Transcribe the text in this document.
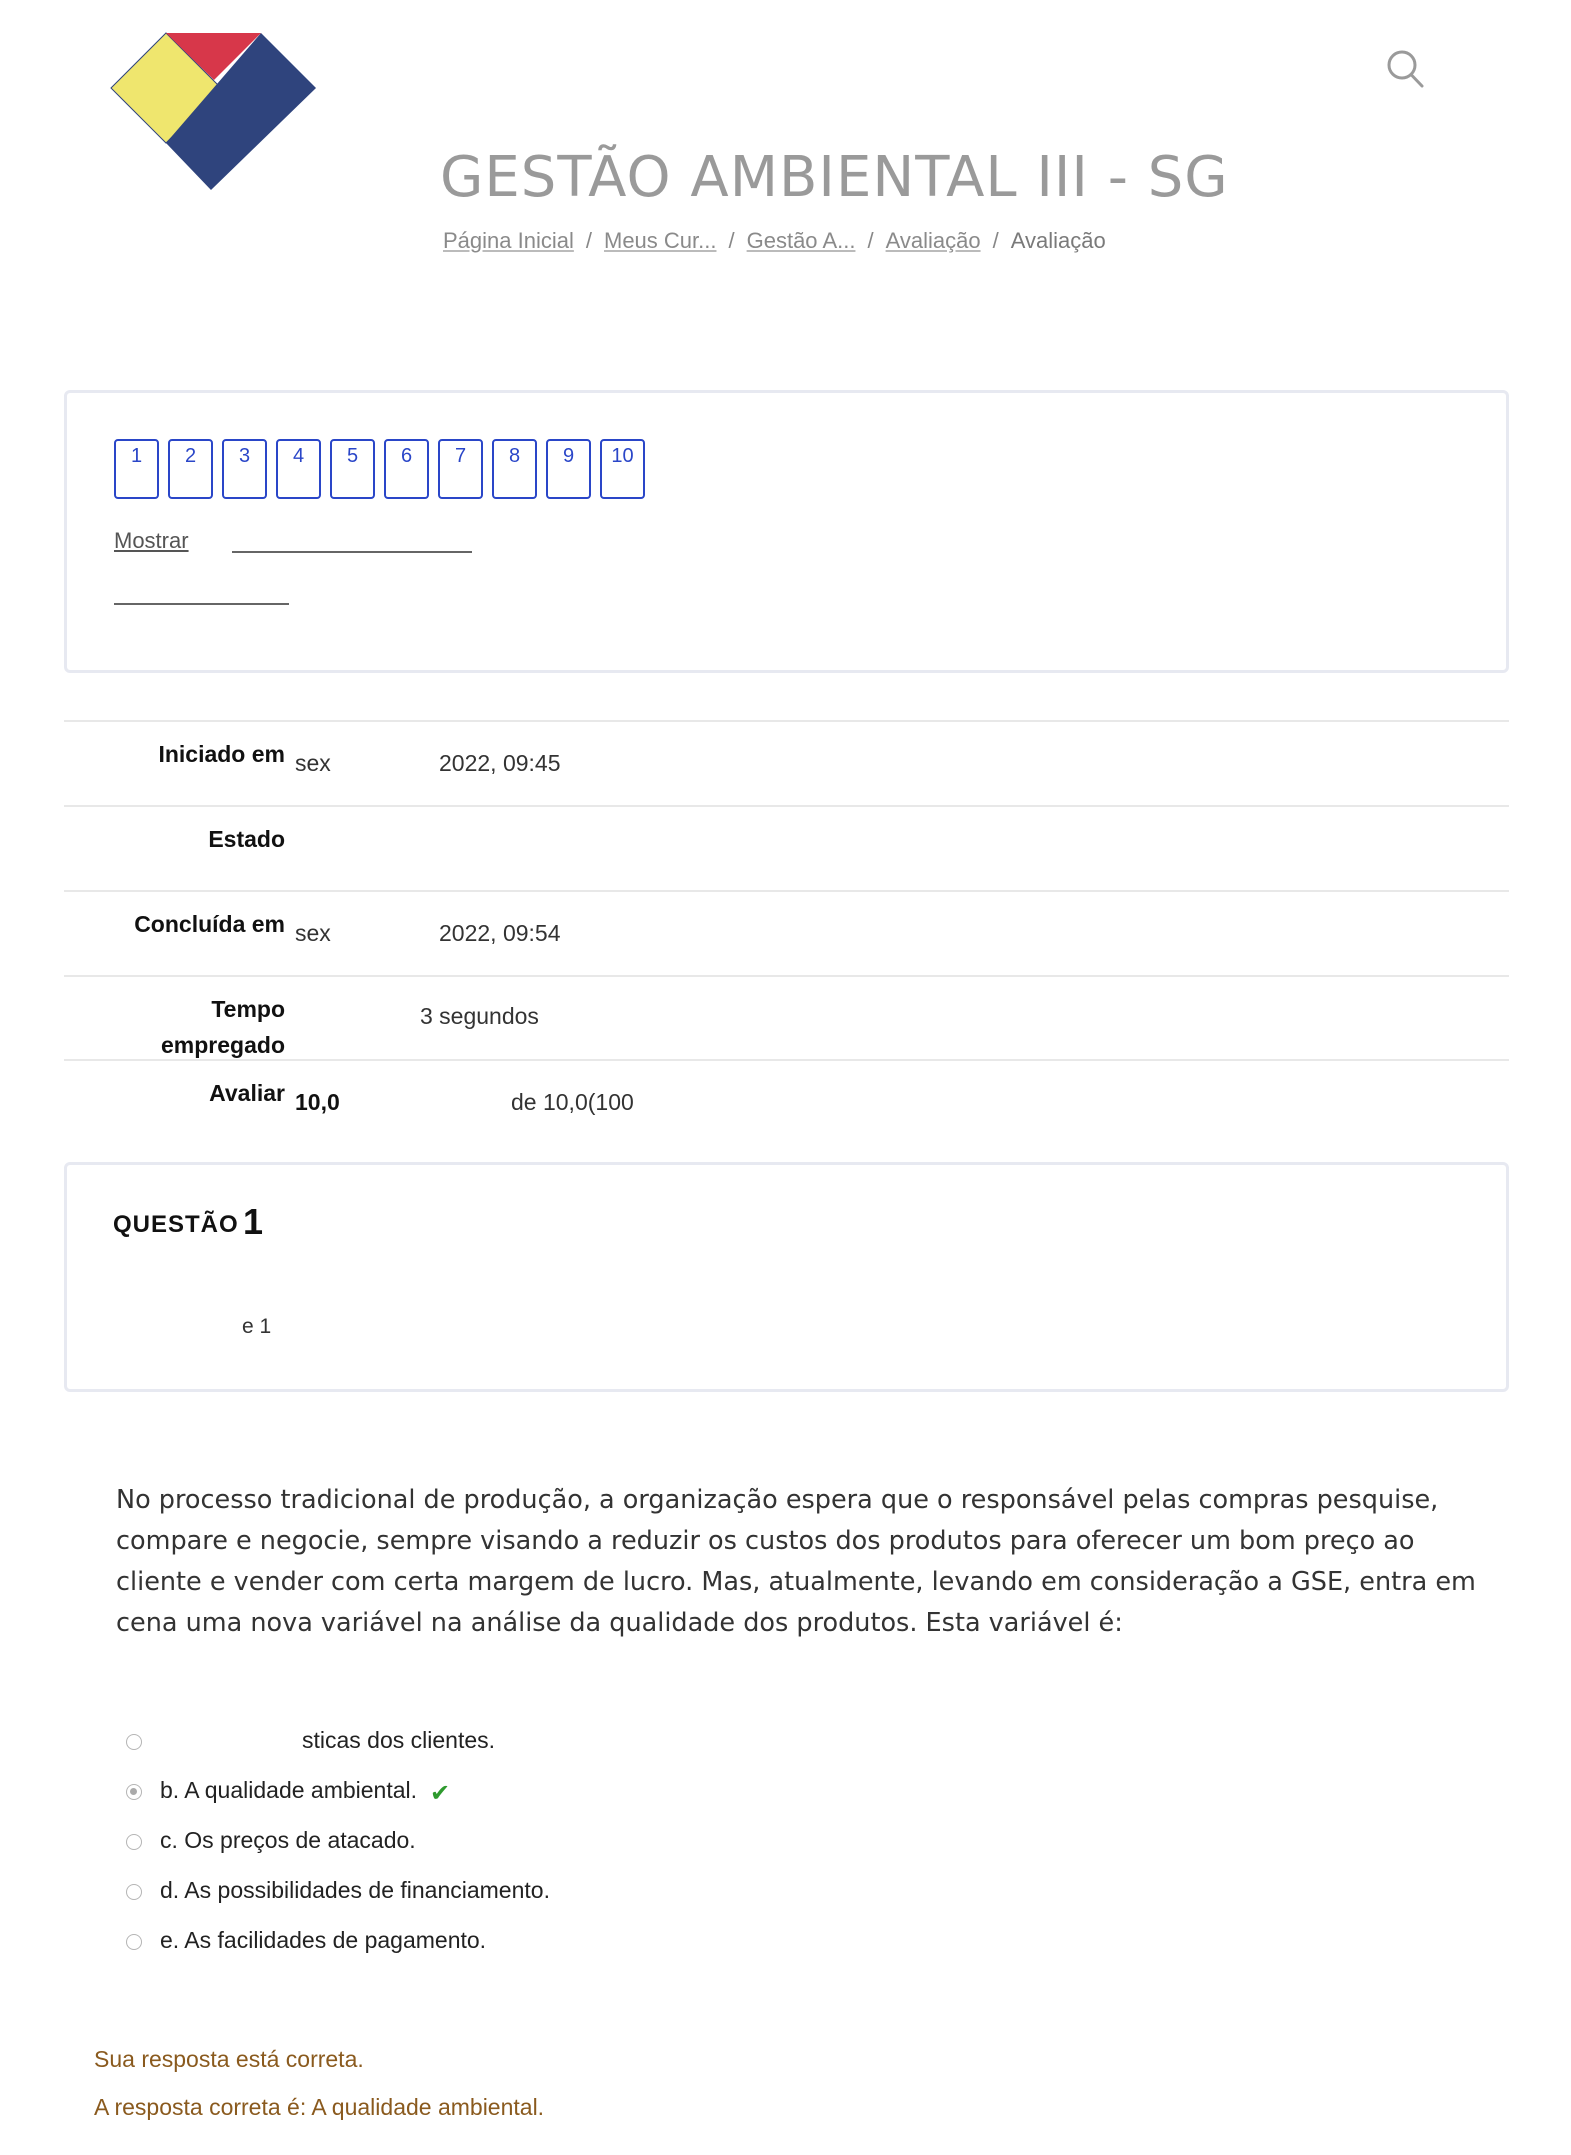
GESTÃO AMBIENTAL III - SG
Página Inicial / Meus Cur... / Gestão A... / Avaliação / Avaliação
1	2	3	4	5	6	7	8	9	10
Mostrar
Iniciado em sex	2022, 09:45
Estado
Concluída em sex	2022, 09:54
Tempo empregado
3 segundos
Avaliar 10,0	de 10,0(100
QUESTÃO 1
e 1
No processo tradicional de produção, a organização espera que o responsável pelas compras pesquise, compare e negocie, sempre visando a reduzir os custos dos produtos para oferecer um bom preço ao cliente e vender com certa margem de lucro. Mas, atualmente, levando em consideração a GSE, entra em cena uma nova variável na análise da qualidade dos produtos. Esta variável é:
sticas dos clientes.
b. A qualidade ambiental. ✔
c. Os preços de atacado.
d. As possibilidades de financiamento.
e. As facilidades de pagamento.
Sua resposta está correta.
A resposta correta é: A qualidade ambiental.
